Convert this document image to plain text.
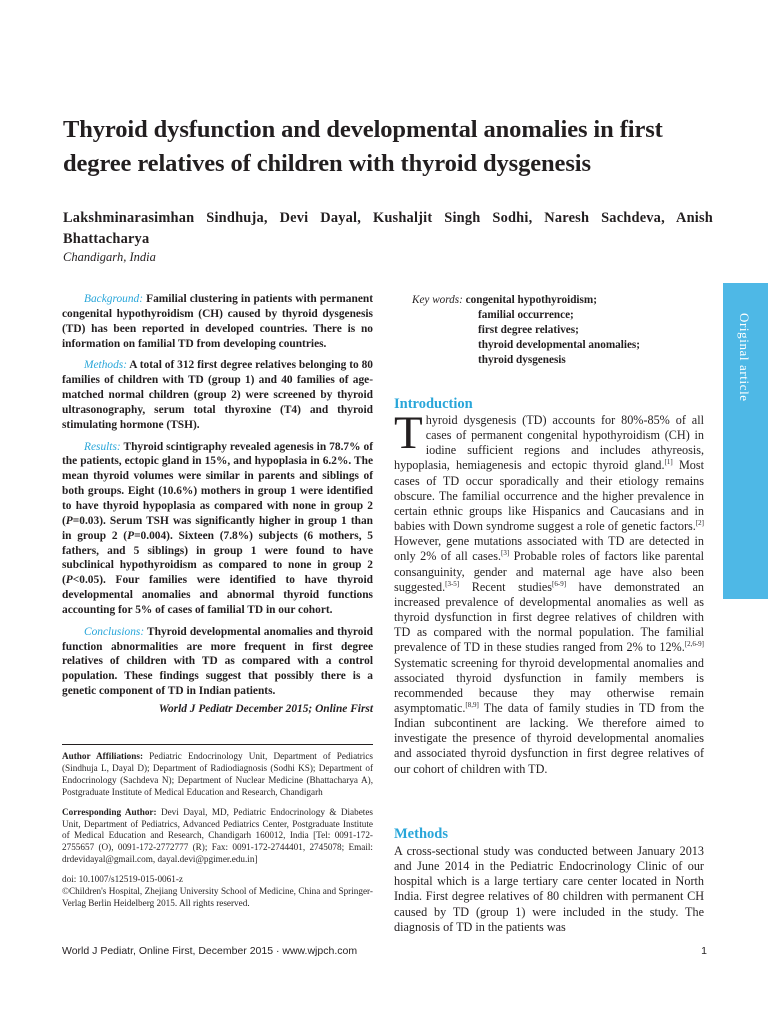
Thyroid dysfunction and developmental anomalies in first degree relatives of children with thyroid dysgenesis
Lakshminarasimhan Sindhuja, Devi Dayal, Kushaljit Singh Sodhi, Naresh Sachdeva, Anish Bhattacharya
Chandigarh, India
Original article

Background: Familial clustering in patients with permanent congenital hypothyroidism (CH) caused by thyroid dysgenesis (TD) has been reported in developed countries. There is no information on familial TD from developing countries.

Methods: A total of 312 first degree relatives belonging to 80 families of children with TD (group 1) and 40 families of age-matched normal children (group 2) were screened by thyroid ultrasonography, serum total thyroxine (T4) and thyroid stimulating hormone (TSH).

Results: Thyroid scintigraphy revealed agenesis in 78.7% of the patients, ectopic gland in 15%, and hypoplasia in 6.2%. The mean thyroid volumes were similar in parents and siblings of both groups. Eight (10.6%) mothers in group 1 were identified to have thyroid hypoplasia as compared with none in group 2 (P=0.03). Serum TSH was significantly higher in group 1 than in group 2 (P=0.004). Sixteen (7.8%) subjects (6 mothers, 5 fathers, and 5 siblings) in group 1 were found to have subclinical hypothyroidism as compared to none in group 2 (P<0.05). Four families were identified to have thyroid developmental anomalies and abnormal thyroid functions accounting for 5% of cases of familial TD in our cohort.

Conclusions: Thyroid developmental anomalies and thyroid function abnormalities are more frequent in first degree relatives of children with TD as compared with a control population. These findings suggest that possibly there is a genetic component of TD in Indian patients.

World J Pediatr December 2015; Online First

Author Affiliations: Pediatric Endocrinology Unit, Department of Pediatrics (Sindhuja L, Dayal D); Department of Radiodiagnosis (Sodhi KS); Department of Endocrinology (Sachdeva N); Department of Nuclear Medicine (Bhattacharya A), Postgraduate Institute of Medical Education and Research, Chandigarh

Corresponding Author: Devi Dayal, MD, Pediatric Endocrinology & Diabetes Unit, Department of Pediatrics, Advanced Pediatrics Center, Postgraduate Institute of Medical Education and Research, Chandigarh 160012, India [Tel: 0091-172-2755657 (O), 0091-172-2772777 (R); Fax: 0091-172-2744401, 2745078; Email: drdevidayal@gmail.com, dayal.devi@pgimer.edu.in]

doi: 10.1007/s12519-015-0061-z

©Children's Hospital, Zhejiang University School of Medicine, China and Springer-Verlag Berlin Heidelberg 2015. All rights reserved.

Key words: congenital hypothyroidism;
familial occurrence;
first degree relatives;
thyroid developmental anomalies;
thyroid dysgenesis
Introduction

Thyroid dysgenesis (TD) accounts for 80%-85% of all cases of permanent congenital hypothyroidism (CH) in iodine sufficient regions and includes athyreosis, hypoplasia, hemiagenesis and ectopic thyroid gland.[1] Most cases of TD occur sporadically and their etiology remains obscure. The familial occurrence and the higher prevalence in certain ethnic groups like Hispanics and Caucasians and in babies with Down syndrome suggest a role of genetic factors.[2] However, gene mutations associated with TD are detected in only 2% of all cases.[3] Probable roles of factors like parental consanguinity, gender and maternal age have also been suggested.[3-5] Recent studies[6-9] have demonstrated an increased prevalence of developmental anomalies as well as thyroid dysfunction in first degree relatives of children with TD as compared with the normal population. The familial prevalence of TD in these studies ranged from 2% to 12%.[2,6-9] Systematic screening for thyroid developmental anomalies and associated thyroid dysfunction in family members is recommended because they may otherwise remain asymptomatic.[8,9] The data of family studies in TD from the Indian subcontinent are lacking. We therefore aimed to investigate the presence of thyroid developmental anomalies and associated thyroid dysfunction in first degree relatives of our cohort of children with TD.

Methods

A cross-sectional study was conducted between January 2013 and June 2014 in the Pediatric Endocrinology Clinic of our hospital which is a large tertiary care center located in North India. First degree relatives of 80 children with permanent CH caused by TD (group 1) were included in the study. The diagnosis of TD in the patients was

World J Pediatr, Online First, December 2015 · www.wjpch.com	1
